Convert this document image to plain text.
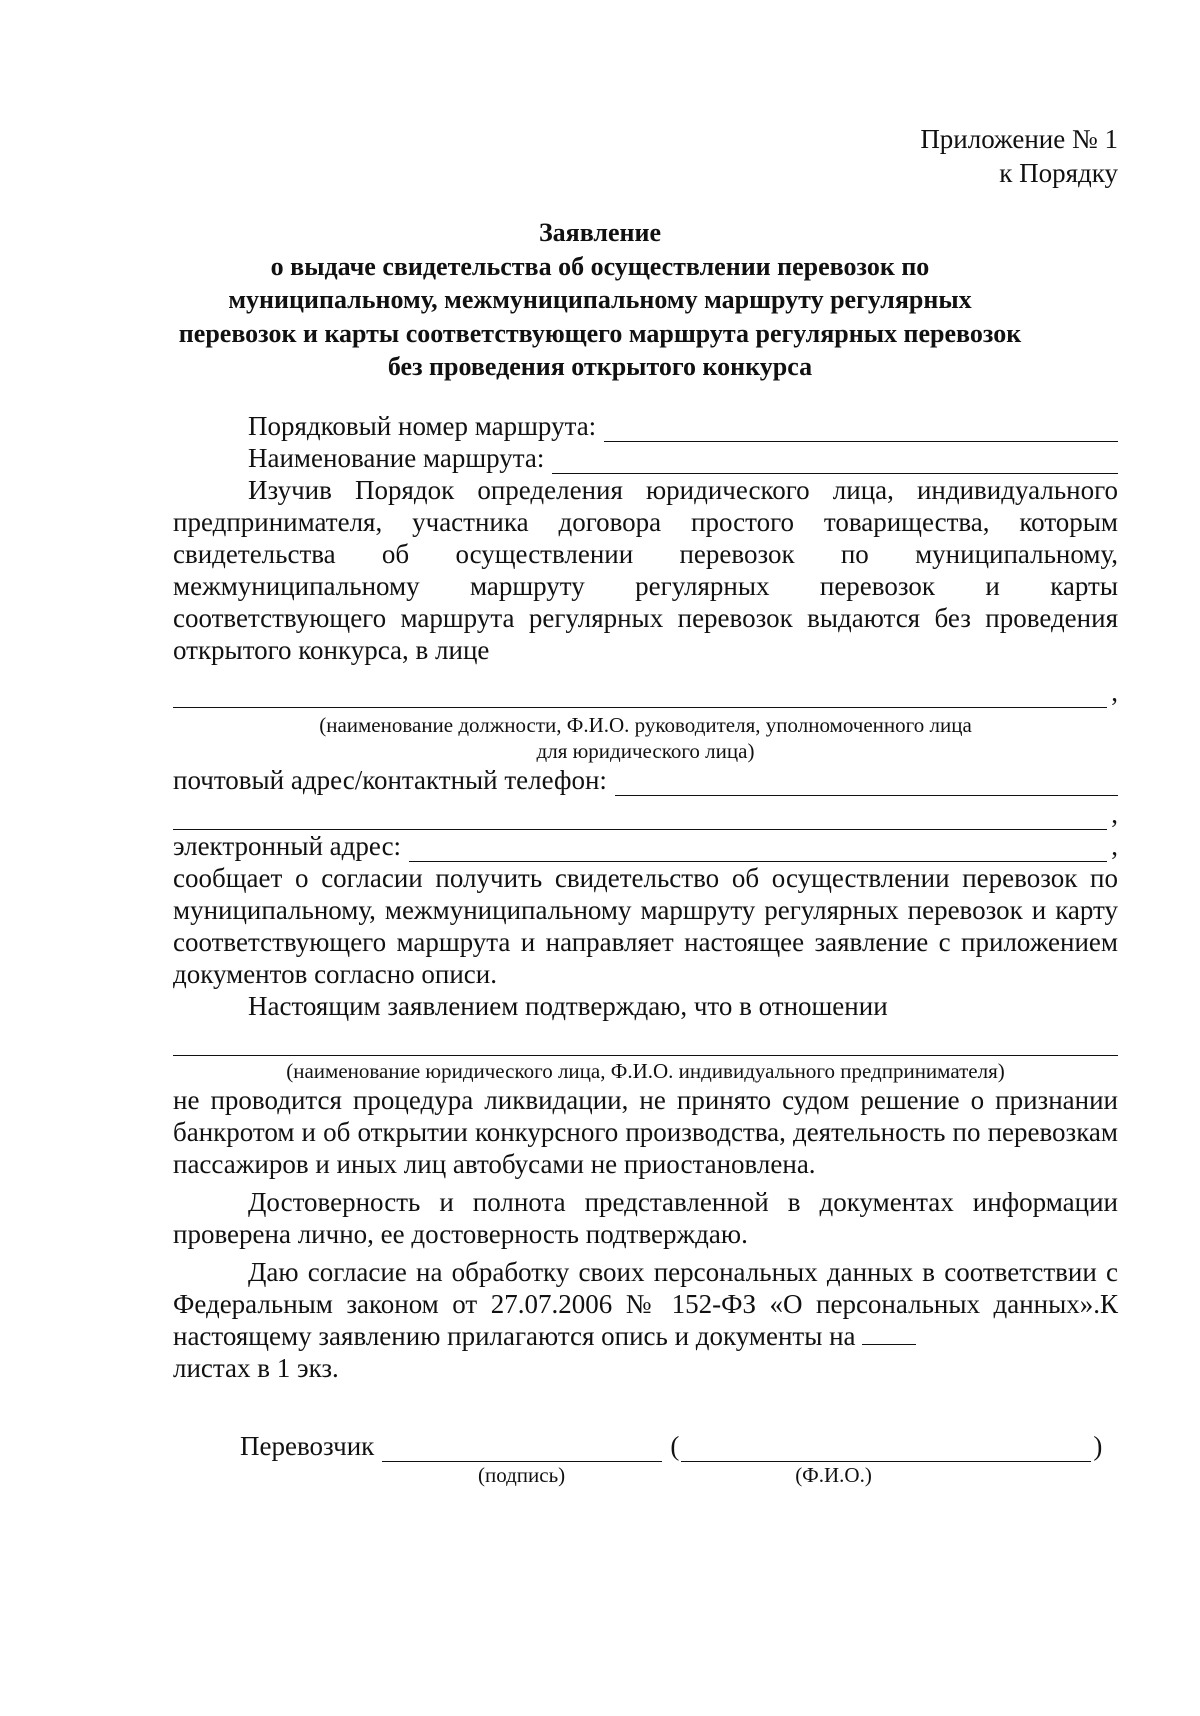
Приложение № 1
к Порядку
Заявление
о выдаче свидетельства об осуществлении перевозок по
муниципальному, межмуниципальному маршруту регулярных
перевозок и карты соответствующего маршрута регулярных перевозок
без проведения открытого конкурса
Порядковый номер маршрута:
Наименование маршрута:
Изучив Порядок определения юридического лица, индивидуального предпринимателя, участника договора простого товарищества, которым свидетельства об осуществлении перевозок по муниципальному, межмуниципальному маршруту регулярных перевозок и карты соответствующего маршрута регулярных перевозок выдаются без проведения открытого конкурса, в лице
,
(наименование должности, Ф.И.О. руководителя, уполномоченного лица
для юридического лица)
почтовый адрес/контактный телефон:
,
электронный адрес:	,
сообщает о согласии получить свидетельство об осуществлении перевозок по муниципальному, межмуниципальному маршруту регулярных перевозок и карту соответствующего маршрута и направляет настоящее заявление с приложением документов согласно описи.
Настоящим заявлением подтверждаю, что в отношении
(наименование юридического лица, Ф.И.О. индивидуального предпринимателя)
не проводится процедура ликвидации, не принято судом решение о признании банкротом и об открытии конкурсного производства, деятельность по перевозкам пассажиров и иных лиц автобусами не приостановлена.
Достоверность и полнота представленной в документах информации проверена лично, ее достоверность подтверждаю.
Даю согласие на обработку своих персональных данных в соответствии с Федеральным законом от 27.07.2006 № 152-ФЗ «О персональных данных».К настоящему заявлению прилагаются опись и документы на
листах в 1 экз.
Перевозчик	(	)
(подпись)	(Ф.И.О.)
